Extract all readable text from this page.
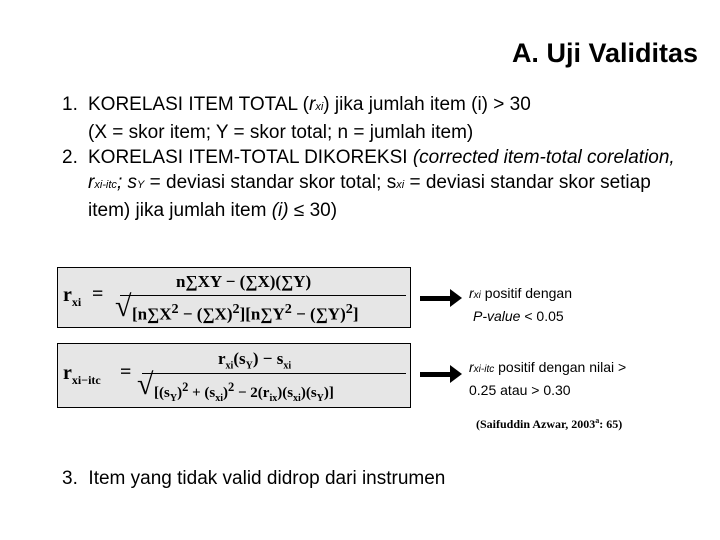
A. Uji Validitas
1. KORELASI ITEM TOTAL (rxi) jika jumlah item (i) > 30
(X = skor item; Y = skor total; n = jumlah item)
2. KORELASI ITEM-TOTAL DIKOREKSI (corrected item-total corelation, rxi-itc; sY = deviasi standar skor total; sxi = deviasi standar skor setiap item) jika jumlah item (i) ≤ 30)
$r_{xi}$ =
n∑XY − (∑X)(∑Y)
√ $[n\sum X^2 - (\sum X)^2][n\sum Y^2 - (\sum Y)^2]$
$r_{xi-itc}$ =
$r_{xi}(s_Y) - s_{xi}$
√ $[(s_Y)^2 + (s_{xi})^2 - 2(r_{ix})(s_{xi})(s_Y)]$
rxi positif dengan
P-value < 0.05
rxi-itc positif dengan nilai >
0.25 atau > 0.30
(Saifuddin Azwar, 2003$^a$: 65)
3. Item yang tidak valid didrop dari instrumen
